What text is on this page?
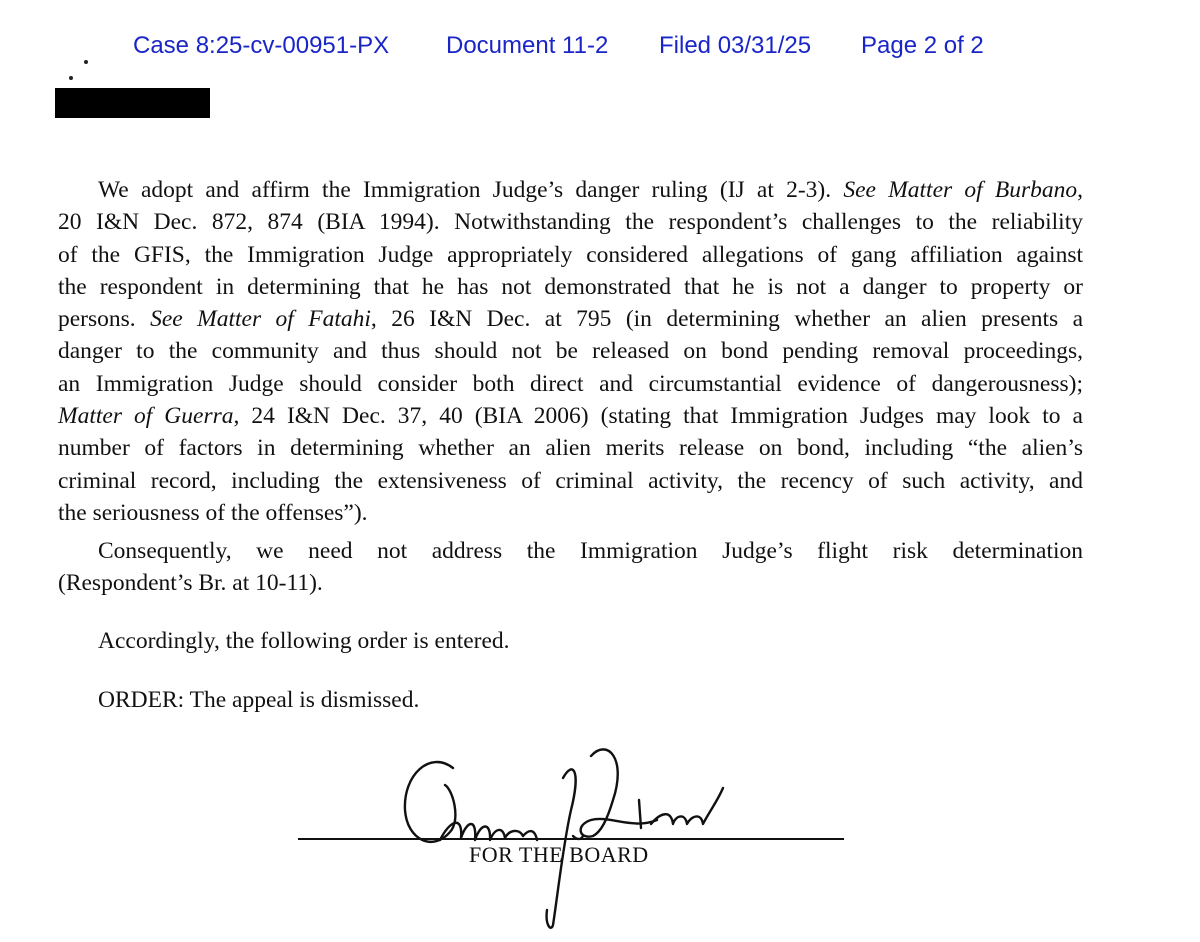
Case 8:25-cv-00951-PX Document 11-2 Filed 03/31/25 Page 2 of 2
We adopt and affirm the Immigration Judge’s danger ruling (IJ at 2-3). See Matter of Burbano,
20 I&N Dec. 872, 874 (BIA 1994). Notwithstanding the respondent’s challenges to the reliability
of the GFIS, the Immigration Judge appropriately considered allegations of gang affiliation against
the respondent in determining that he has not demonstrated that he is not a danger to property or
persons. See Matter of Fatahi, 26 I&N Dec. at 795 (in determining whether an alien presents a
danger to the community and thus should not be released on bond pending removal proceedings,
an Immigration Judge should consider both direct and circumstantial evidence of dangerousness);
Matter of Guerra, 24 I&N Dec. 37, 40 (BIA 2006) (stating that Immigration Judges may look to a
number of factors in determining whether an alien merits release on bond, including “the alien’s
criminal record, including the extensiveness of criminal activity, the recency of such activity, and
the seriousness of the offenses”).
Consequently, we need not address the Immigration Judge’s flight risk determination
(Respondent’s Br. at 10-11).
Accordingly, the following order is entered.
ORDER: The appeal is dismissed.
FOR THE BOARD
